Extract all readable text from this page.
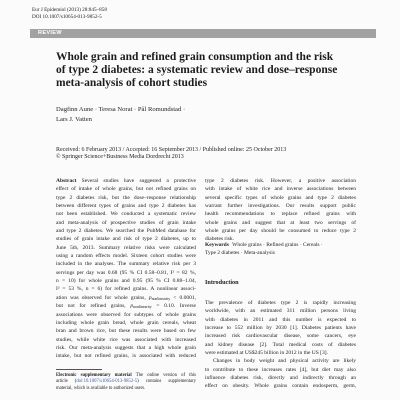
Eur J Epidemiol (2013) 28:845–858
DOI 10.1007/s10654-013-9852-5
REVIEW
Whole grain and refined grain consumption and the risk
of type 2 diabetes: a systematic review and dose–response
meta-analysis of cohort studies
Dagfinn Aune · Teresa Norat · Pål Romundstad ·
Lars J. Vatten
Received: 6 February 2013 / Accepted: 16 September 2013 / Published online: 25 October 2013
© Springer Science+Business Media Dordrecht 2013
Abstract Several studies have suggested a protective
effect of intake of whole grains, but not refined grains on
type 2 diabetes risk, but the dose–response relationship
between different types of grains and type 2 diabetes has
not been established. We conducted a systematic review
and meta-analysis of prospective studies of grain intake
and type 2 diabetes. We searched the PubMed database for
studies of grain intake and risk of type 2 diabetes, up to
June 5th, 2013. Summary relative risks were calculated
using a random effects model. Sixteen cohort studies were
included in the analyses. The summary relative risk per 3
servings per day was 0.68 (95 % CI 0.58–0.81, I² = 82 %,
n = 10) for whole grains and 0.95 (95 % CI 0.88–1.04,
I² = 53 %, n = 6) for refined grains. A nonlinear associ-
ation was observed for whole grains, $p_{nonlinearity} < 0.0001$,
but not for refined grains, $p_{nonlinearity} = 0.10$. Inverse
associations were observed for subtypes of whole grains
including whole grain bread, whole grain cereals, wheat
bran and brown rice, but these results were based on few
studies, while white rice was associated with increased
risk. Our meta-analysis suggests that a high whole grain
intake, but not refined grains, is associated with reduced
type 2 diabetes risk. However, a positive association
with intake of white rice and inverse associations between
several specific types of whole grains and type 2 diabetes
warrant further investigations. Our results support public
health recommendations to replace refined grains with
whole grains and suggest that at least two servings of
whole grains per day should be consumed to reduce type 2
diabetes risk.
Keywords Whole grains · Refined grains · Cereals ·
Type 2 diabetes · Meta-analysis
Introduction
The prevalence of diabetes type 2 is rapidly increasing
worldwide, with an estimated 311 million persons living
with diabetes in 2011 and this number is expected to
increase to 552 million by 2030 [1]. Diabetes patients have
increased risk cardiovascular disease, some cancers, eye
and kidney disease [2]. Total medical costs of diabetes
were estimated at US$245 billion in 2012 in the US [3].
Changes in body weight and physical activity are likely
to contribute to these increases rates [4], but diet may also
influence diabetes risk, directly and indirectly through an
effect on obesity. Whole grains contain endosperm, germ,
Electronic supplementary material The online version of this
article (doi:10.1007/s10654-013-9852-5) contains supplementary
material, which is available to authorized users.
